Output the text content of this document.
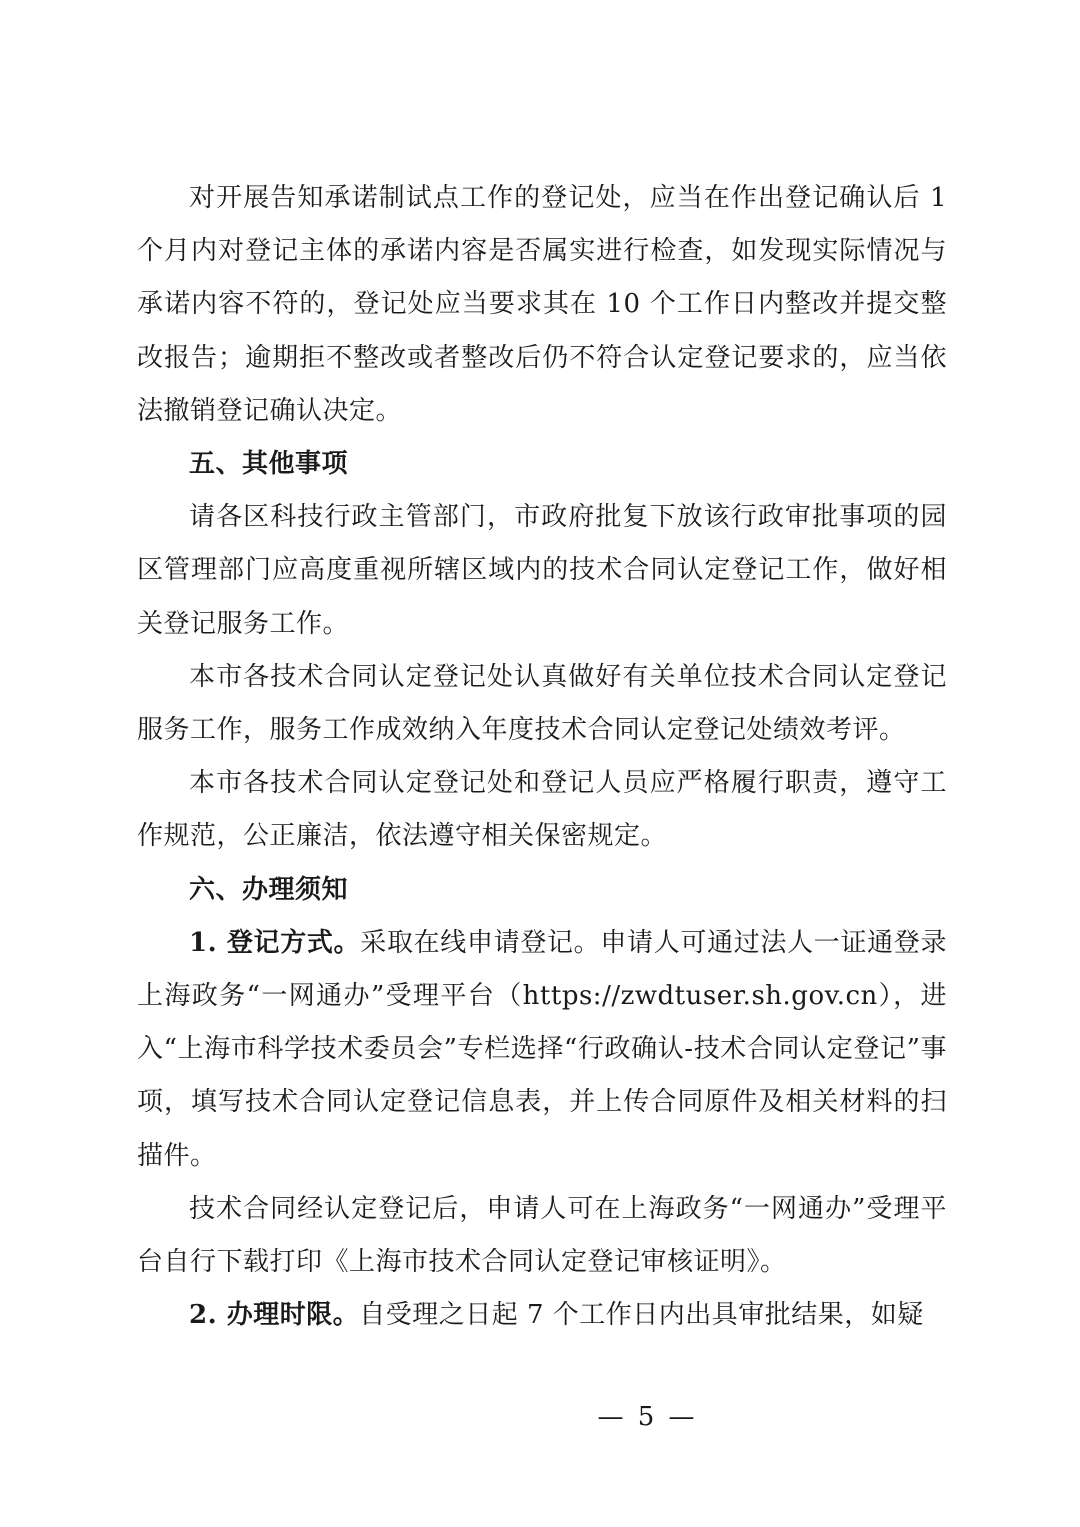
对开展告知承诺制试点工作的登记处，应当在作出登记确认后 1 个月内对登记主体的承诺内容是否属实进行检查，如发现实际情况与承诺内容不符的，登记处应当要求其在 10 个工作日内整改并提交整改报告；逾期拒不整改或者整改后仍不符合认定登记要求的，应当依法撤销登记确认决定。

五、其他事项

请各区科技行政主管部门，市政府批复下放该行政审批事项的园区管理部门应高度重视所辖区域内的技术合同认定登记工作，做好相关登记服务工作。

本市各技术合同认定登记处认真做好有关单位技术合同认定登记服务工作，服务工作成效纳入年度技术合同认定登记处绩效考评。

本市各技术合同认定登记处和登记人员应严格履行职责，遵守工作规范，公正廉洁，依法遵守相关保密规定。

六、办理须知

1. 登记方式。采取在线申请登记。申请人可通过法人一证通登录上海政务“一网通办”受理平台（https://zwdtuser.sh.gov.cn），进入“上海市科学技术委员会”专栏选择“行政确认-技术合同认定登记”事项，填写技术合同认定登记信息表，并上传合同原件及相关材料的扫描件。

技术合同经认定登记后，申请人可在上海政务“一网通办”受理平台自行下载打印《上海市技术合同认定登记审核证明》。

2. 办理时限。自受理之日起 7 个工作日内出具审批结果，如疑

— 5 —
